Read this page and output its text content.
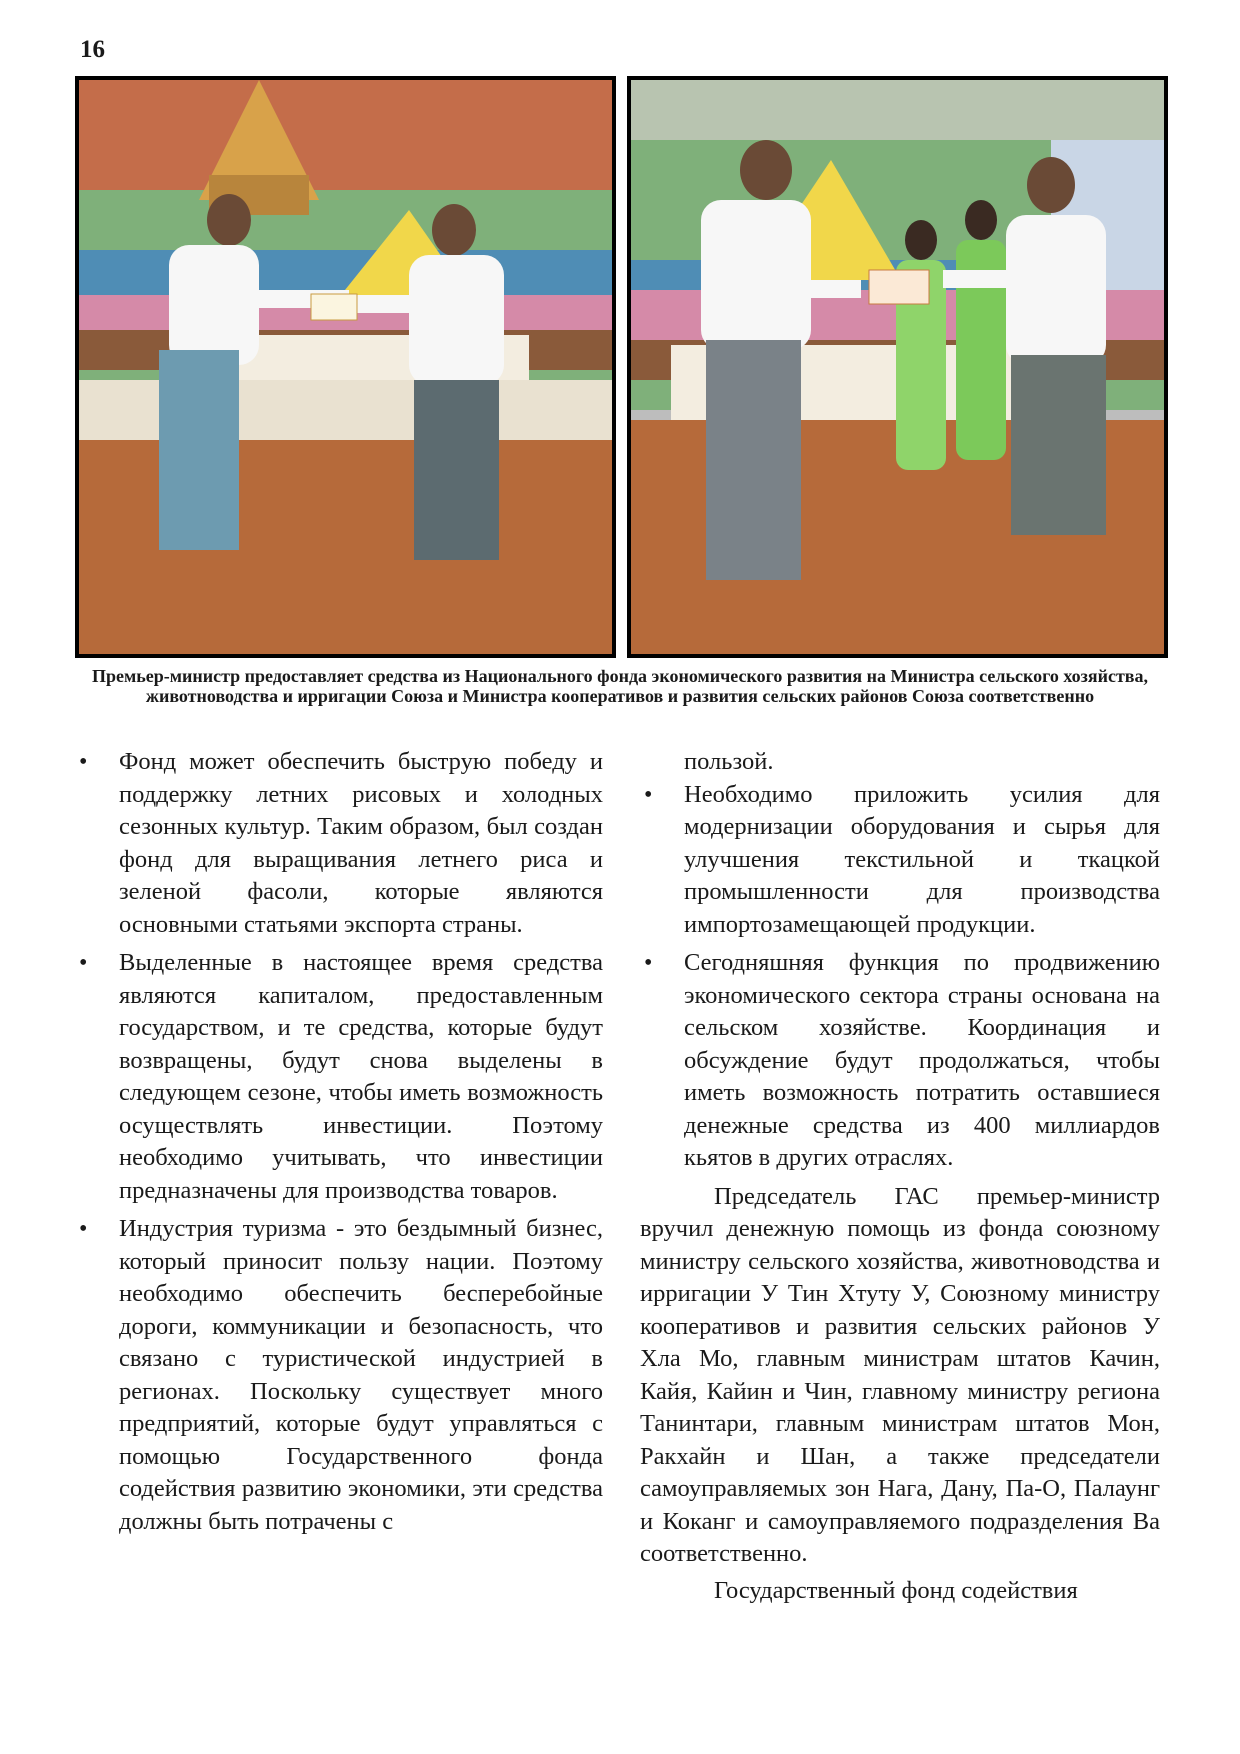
16
Премьер-министр предоставляет средства из Национального фонда экономического развития на Министра сельского хозяйства, животноводства и ирригации Союза и Министра кооперативов и развития сельских районов Союза соответственно
• Фонд может обеспечить быструю победу и поддержку летних рисовых и холодных сезонных культур. Таким образом, был создан фонд для выращивания летнего риса и зеленой фасоли, которые являются основными статьями экспорта страны.

• Выделенные в настоящее время средства являются капиталом, предоставленным государством, и те средства, которые будут возвращены, будут снова выделены в следующем сезоне, чтобы иметь возможность осуществлять инвестиции. Поэтому необходимо учитывать, что инвестиции предназначены для производства товаров.

• Индустрия туризма - это бездымный бизнес, который приносит пользу нации. Поэтому необходимо обеспечить бесперебойные дороги, коммуникации и безопасность, что связано с туристической индустрией в регионах. Поскольку существует много предприятий, которые будут управляться с помощью Государственного фонда содействия развитию экономики, эти средства должны быть потрачены с

пользой.

• Необходимо приложить усилия для модернизации оборудования и сырья для улучшения текстильной и ткацкой промышленности для производства импортозамещающей продукции.

• Сегодняшняя функция по продвижению экономического сектора страны основана на сельском хозяйстве. Координация и обсуждение будут продолжаться, чтобы иметь возможность потратить оставшиеся денежные средства из 400 миллиардов кьятов в других отраслях.

Председатель ГАС премьер-министр вручил денежную помощь из фонда союзному министру сельского хозяйства, животноводства и ирригации У Тин Хтуту У, Союзному министру кооперативов и развития сельских районов У Хла Мо, главным министрам штатов Качин, Кайя, Кайин и Чин, главному министру региона Танинтари, главным министрам штатов Мон, Ракхайн и Шан, а также председатели самоуправляемых зон Нага, Дану, Па-О, Палаунг и Коканг и самоуправляемого подразделения Ва соответственно.

Государственный фонд содействия
